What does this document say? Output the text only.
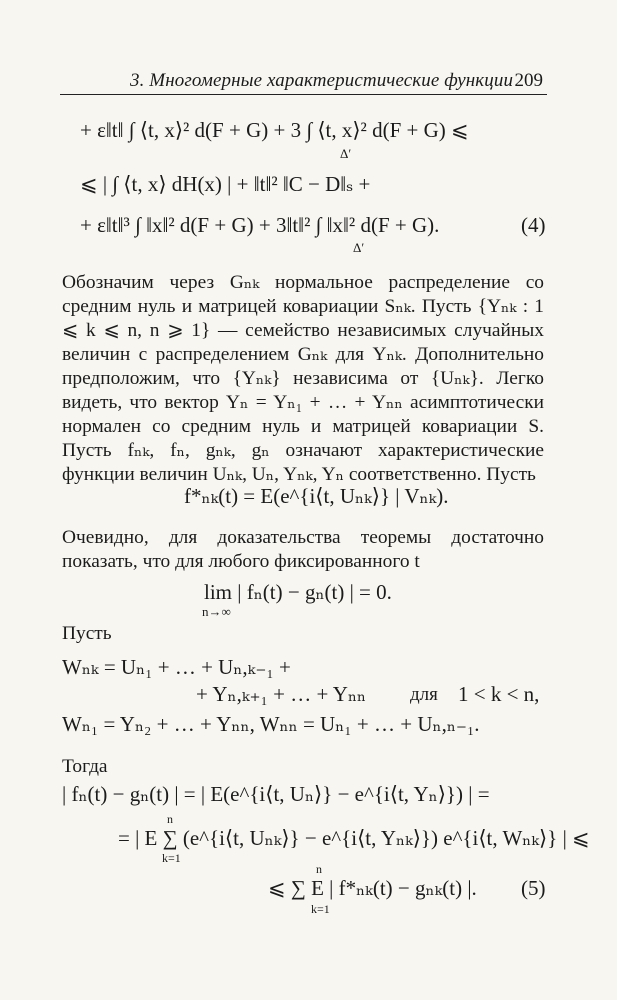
3. Многомерные характеристические функции 209
+ ε‖t‖ ∫ ⟨t, x⟩² d(F + G) + 3 ∫ ⟨t, x⟩² d(F + G) ⩽
Δ′
⩽ | ∫ ⟨t, x⟩ dH(x) | + ‖t‖² ‖C − D‖ₛ +
+ ε‖t‖³ ∫ ‖x‖² d(F + G) + 3‖t‖² ∫ ‖x‖² d(F + G).
Δ′
(4)
Обозначим через Gₙₖ нормальное распределение со средним нуль и матрицей ковариации Sₙₖ. Пусть {Yₙₖ : 1 ⩽ k ⩽ n, n ⩾ 1} — семейство независимых случайных величин с распределением Gₙₖ для Yₙₖ. Дополнительно предположим, что {Yₙₖ} независима от {Uₙₖ}. Легко видеть, что вектор Yₙ = Yₙ₁ + … + Yₙₙ асимптотически нормален со средним нуль и матрицей ковариации S. Пусть fₙₖ, fₙ, gₙₖ, gₙ означают характеристические функции величин Uₙₖ, Uₙ, Yₙₖ, Yₙ соответственно. Пусть
f*ₙₖ(t) = E(e^{i⟨t, Uₙₖ⟩} | Vₙₖ).
Очевидно, для доказательства теоремы достаточно показать, что для любого фиксированного t
lim | fₙ(t) − gₙ(t) | = 0.
n→∞
Пусть
Wₙₖ = Uₙ₁ + … + Uₙ,ₖ₋₁ +
+ Yₙ,ₖ₊₁ + … + Yₙₙ для 1 < k < n,
Wₙ₁ = Yₙ₂ + … + Yₙₙ, Wₙₙ = Uₙ₁ + … + Uₙ,ₙ₋₁.
Тогда
| fₙ(t) − gₙ(t) | = | E(e^{i⟨t, Uₙ⟩} − e^{i⟨t, Yₙ⟩}) | =
n
= | E ∑ (e^{i⟨t, Uₙₖ⟩} − e^{i⟨t, Yₙₖ⟩}) e^{i⟨t, Wₙₖ⟩} | ⩽
k=1
n
⩽ ∑ E | f*ₙₖ(t) − gₙₖ(t) |.
k=1
(5)
